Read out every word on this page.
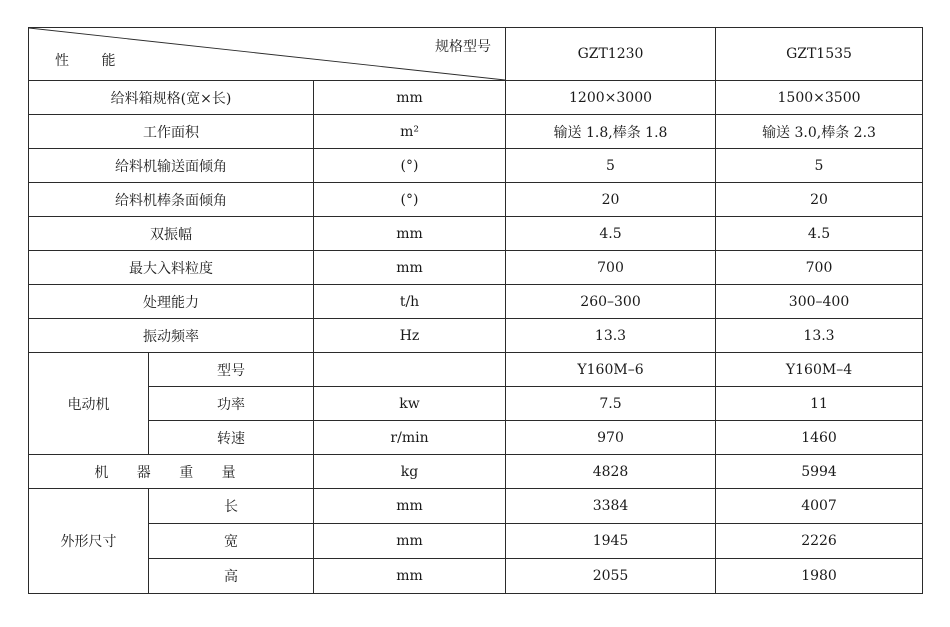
规格型号
性 能			GZT1230	GZT1535
给料箱规格(宽×长)		mm	1200×3000	1500×3500
工作面积		m²	输送 1.8,棒条 1.8	输送 3.0,棒条 2.3
给料机输送面倾角		(°)	5	5
给料机棒条面倾角		(°)	20	20
双振幅		mm	4.5	4.5
最大入料粒度		mm	700	700
处理能力		t/h	260–300	300–400
振动频率		Hz	13.3	13.3
电动机	型号		Y160M–6	Y160M–4
	功率	kw	7.5	11
	转速	r/min	970	1460
机 器 重 量		kg	4828	5994
外形尺寸	长	mm	3384	4007
	宽	mm	1945	2226
	高	mm	2055	1980
